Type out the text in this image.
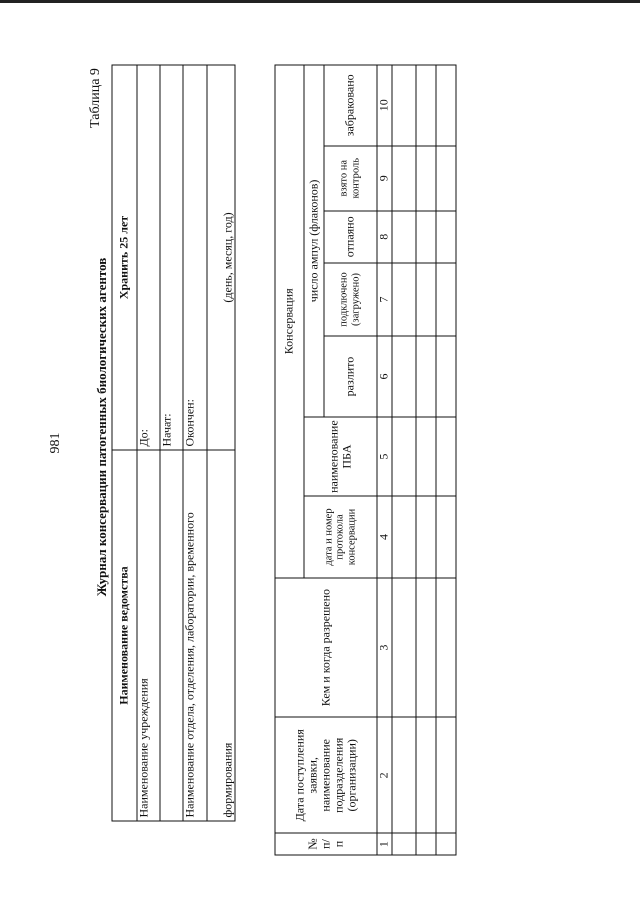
981
Таблица 9
Журнал консервации патогенных биологических агентов
Наименование ведомства	Хранить 25 лет
Наименование учреждения	До:
	Начат:
Наименование отдела, отделения, лаборатории, временного	Окончен:
формирования	(день, месяц, год)
№ п/п	Дата поступления заявки, наименование подразделения (организации)	Кем и когда разрешено	Консервация						
			дата и номер протокола консервации	наименование ПБА	число ампул (флаконов)				
					разлито	подключено (загружено)	отпаяно	взято на контроль	забраковано
1	2	3	4	5	6	7	8	9	10
